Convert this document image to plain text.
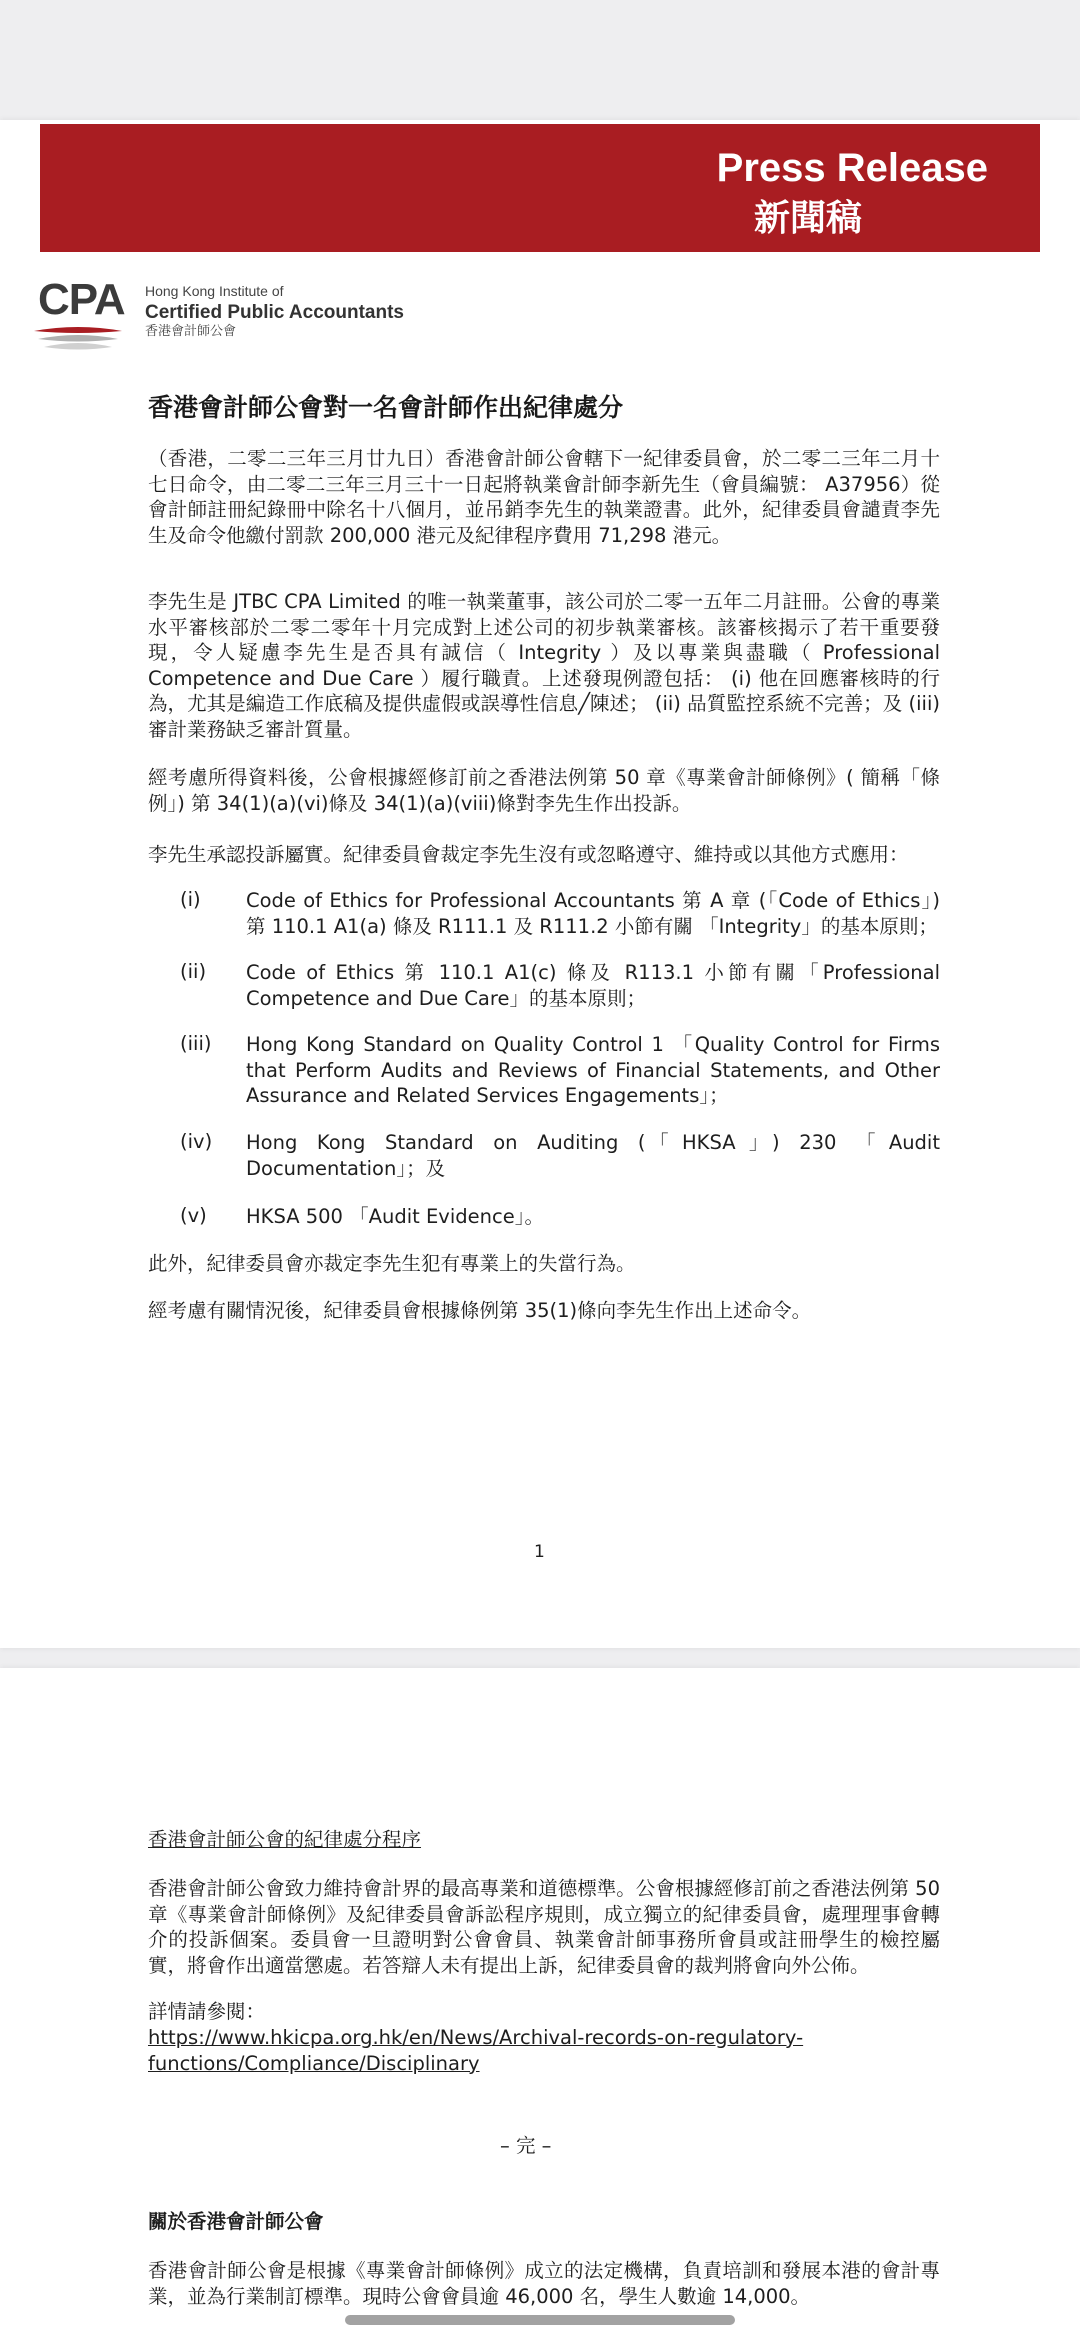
Press Release
新聞稿
CPA Hong Kong Institute of
Certified Public Accountants
香港會計師公會
香港會計師公會對一名會計師作出紀律處分
（香港，二零二三年三月廿九日）香港會計師公會轄下一紀律委員會，於二零二三年二月十七日命令，由二零二三年三月三十一日起將執業會計師李新先生（會員編號： A37956）從會計師註冊紀錄冊中除名十八個月，並吊銷李先生的執業證書。此外，紀律委員會譴責李先生及命令他繳付罰款 200,000 港元及紀律程序費用 71,298 港元。
李先生是 JTBC CPA Limited 的唯一執業董事，該公司於二零一五年二月註冊。公會的專業水平審核部於二零二零年十月完成對上述公司的初步執業審核。該審核揭示了若干重要發現，令人疑慮李先生是否具有誠信（ Integrity ）及以專業與盡職（ Professional Competence and Due Care ）履行職責。上述發現例證包括： (i) 他在回應審核時的行為，尤其是編造工作底稿及提供虛假或誤導性信息╱陳述； (ii) 品質監控系統不完善；及 (iii) 審計業務缺乏審計質量。
經考慮所得資料後，公會根據經修訂前之香港法例第 50 章《專業會計師條例》( 簡稱「條例」) 第 34(1)(a)(vi)條及 34(1)(a)(viii)條對李先生作出投訴。
李先生承認投訴屬實。紀律委員會裁定李先生沒有或忽略遵守、維持或以其他方式應用：
(i) Code of Ethics for Professional Accountants 第 A 章 (「Code of Ethics」) 第 110.1 A1(a) 條及 R111.1 及 R111.2 小節有關 「Integrity」的基本原則；
(ii) Code of Ethics 第 110.1 A1(c) 條及 R113.1 小節有關「Professional Competence and Due Care」的基本原則；
(iii) Hong Kong Standard on Quality Control 1 「Quality Control for Firms that Perform Audits and Reviews of Financial Statements, and Other Assurance and Related Services Engagements」；
(iv) Hong Kong Standard on Auditing (「HKSA」) 230 「Audit Documentation」；及
(v) HKSA 500 「Audit Evidence」。
此外，紀律委員會亦裁定李先生犯有專業上的失當行為。
經考慮有關情況後，紀律委員會根據條例第 35(1)條向李先生作出上述命令。
1
香港會計師公會的紀律處分程序
香港會計師公會致力維持會計界的最高專業和道德標準。公會根據經修訂前之香港法例第 50 章《專業會計師條例》及紀律委員會訴訟程序規則，成立獨立的紀律委員會，處理理事會轉介的投訴個案。委員會一旦證明對公會會員、執業會計師事務所會員或註冊學生的檢控屬實，將會作出適當懲處。若答辯人未有提出上訴，紀律委員會的裁判將會向外公佈。
詳情請參閱：
https://www.hkicpa.org.hk/en/News/Archival-records-on-regulatory-functions/Compliance/Disciplinary
– 完 –
關於香港會計師公會
香港會計師公會是根據《專業會計師條例》成立的法定機構，負責培訓和發展本港的會計專業，並為行業制訂標準。現時公會會員逾 46,000 名，學生人數逾 14,000。
